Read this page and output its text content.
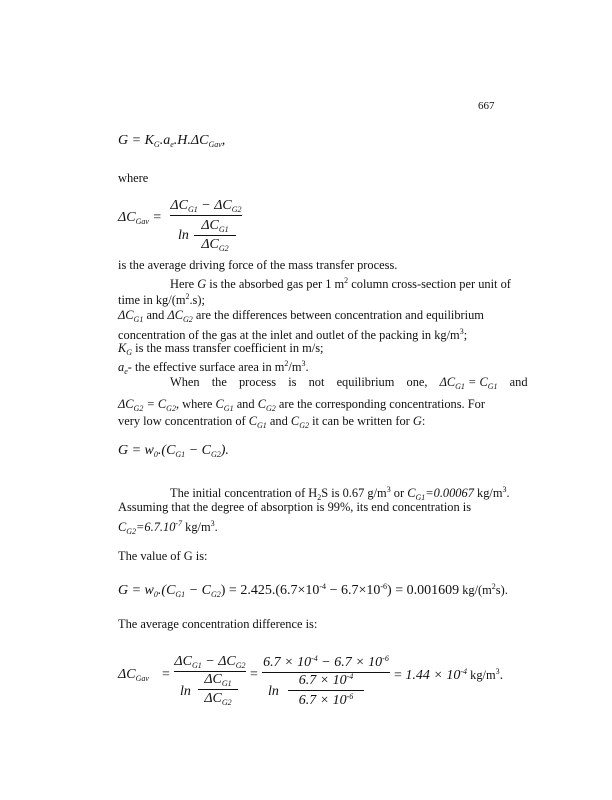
667
$G = K_G.a_e.H.\Delta C_{Gav}$,
where
$\Delta C_{Gav}$ =
$\Delta C_{G1} - \Delta C_{G2}$
ln
$\Delta C_{G1}$
$\Delta C_{G2}$
is the average driving force of the mass transfer process.
Here G is the absorbed gas per 1 $m^2$ column cross-section per unit of
time in $kg/(m^2.s)$;
$\Delta C_{G1}$ and $\Delta C_{G2}$ are the differences between concentration and equilibrium
concentration of the gas at the inlet and outlet of the packing in $kg/m^3$;
$K_G$ is the mass transfer coefficient in m/s;
$a_e-$ the effective surface area in $m^2/m^3$.
When the process is not equilibrium one, $\Delta C_{G1} = C_{G1}$ and
$\Delta C_{G2} = C_{G2}$, where $C_{G1}$ and $C_{G2}$ are the corresponding concentrations. For
very low concentration of $C_{G1}$ and $C_{G2}$ it can be written for G:
$G = w_0.(C_{G1} - C_{G2})$.
The initial concentration of $H_2S$ is 0.67 $g/m^3$ or $C_{G1}=0.00067$ $kg/m^3$.
Assuming that the degree of absorption is 99%, its end concentration is
$C_{G2}=6.7.10^{-7}$ $kg/m^3$.
The value of G is:
$G = w_0.(C_{G1} - C_{G2}) = 2.425.(6.7\times 10^{-4} - 6.7\times 10^{-6}) = 0.001609$ $kg/(m^2s)$.
The average concentration difference is:
$\Delta C_{Gav}$ =
$\Delta C_{G1} - \Delta C_{G2}$
ln
$\Delta C_{G1}$
$\Delta C_{G2}$
=
$6.7 \times 10^{-4} - 6.7 \times 10^{-6}$
ln
$6.7 \times 10^{-4}$
$6.7 \times 10^{-6}$
= $1.44 \times 10^{-4}$ $kg/m^3$.
